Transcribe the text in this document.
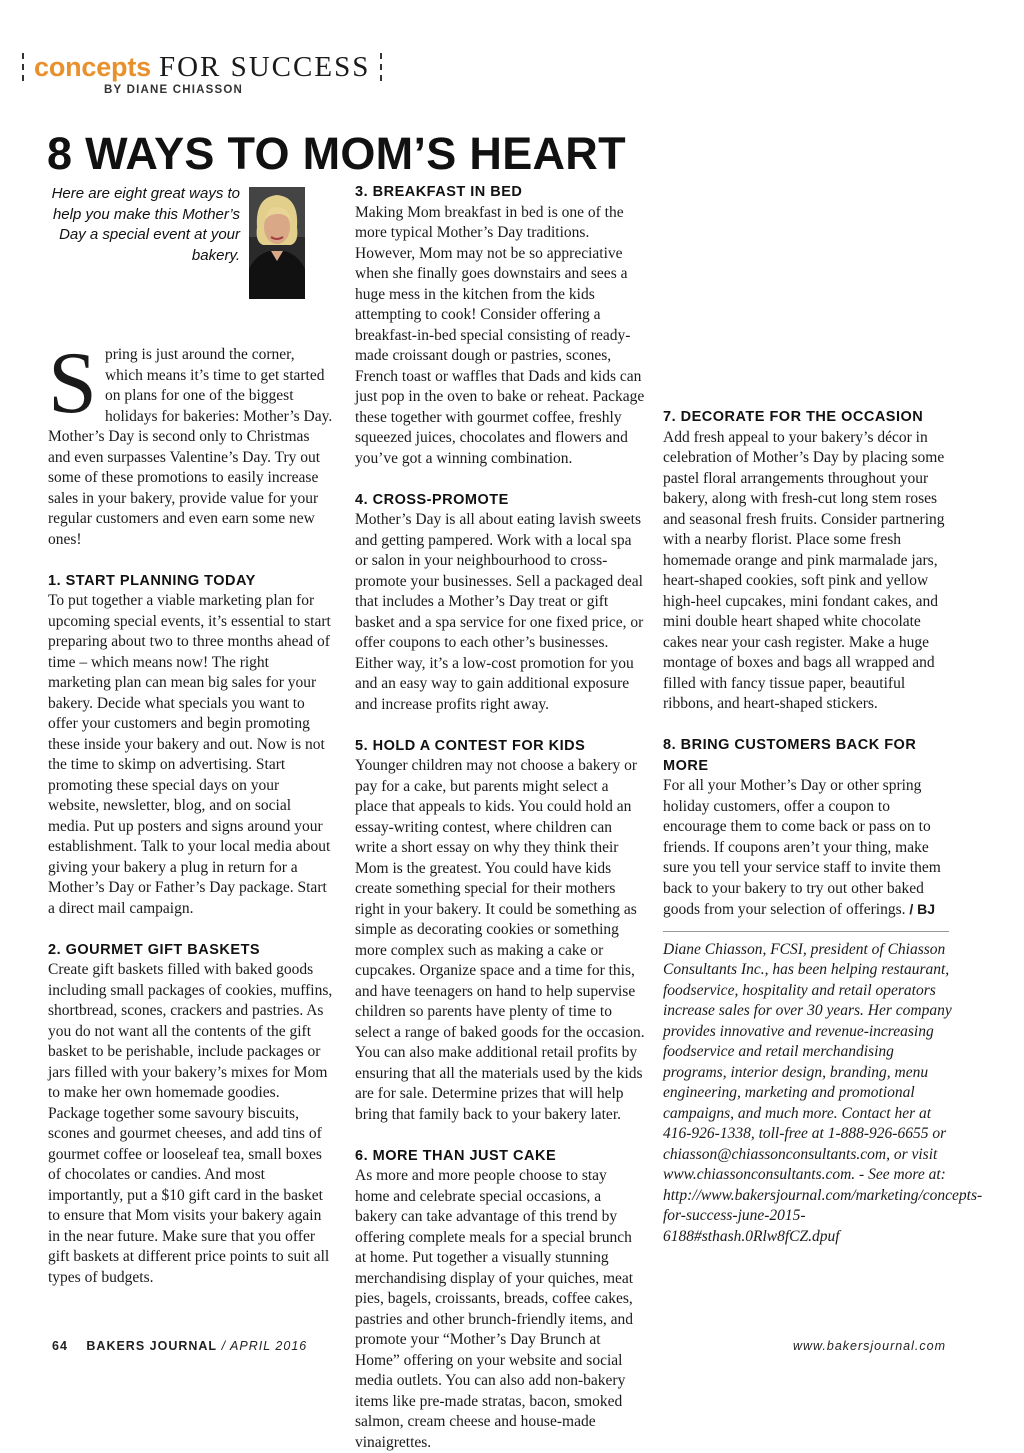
concepts FOR SUCCESS
BY DIANE CHIASSON
8 WAYS TO MOM’S HEART
Here are eight great ways to help you make this Mother’s Day a special event at your bakery.

Spring is just around the corner, which means it’s time to get started on plans for one of the biggest holidays for bakeries: Mother’s Day. Mother’s Day is second only to Christmas and even surpasses Valentine’s Day. Try out some of these promotions to easily increase sales in your bakery, provide value for your regular customers and even earn some new ones!

1. START PLANNING TODAY

To put together a viable marketing plan for upcoming special events, it’s essential to start preparing about two to three months ahead of time – which means now! The right marketing plan can mean big sales for your bakery. Decide what specials you want to offer your customers and begin promoting these inside your bakery and out. Now is not the time to skimp on advertising. Start promoting these special days on your website, newsletter, blog, and on social media. Put up posters and signs around your establishment. Talk to your local media about giving your bakery a plug in return for a Mother’s Day or Father’s Day package. Start a direct mail campaign.

2. GOURMET GIFT BASKETS

Create gift baskets filled with baked goods including small packages of cookies, muffins, shortbread, scones, crackers and pastries. As you do not want all the contents of the gift basket to be perishable, include packages or jars filled with your bakery’s mixes for Mom to make her own homemade goodies. Package together some savoury biscuits, scones and gourmet cheeses, and add tins of gourmet coffee or looseleaf tea, small boxes of chocolates or candies. And most importantly, put a $10 gift card in the basket to ensure that Mom visits your bakery again in the near future. Make sure that you offer gift baskets at different price points to suit all types of budgets.

3. BREAKFAST IN BED

Making Mom breakfast in bed is one of the more typical Mother’s Day traditions. However, Mom may not be so appreciative when she finally goes downstairs and sees a huge mess in the kitchen from the kids attempting to cook! Consider offering a breakfast-in-bed special consisting of ready-made croissant dough or pastries, scones, French toast or waffles that Dads and kids can just pop in the oven to bake or reheat. Package these together with gourmet coffee, freshly squeezed juices, chocolates and flowers and you’ve got a winning combination.

4. CROSS-PROMOTE

Mother’s Day is all about eating lavish sweets and getting pampered. Work with a local spa or salon in your neighbourhood to cross-promote your businesses. Sell a packaged deal that includes a Mother’s Day treat or gift basket and a spa service for one fixed price, or offer coupons to each other’s businesses. Either way, it’s a low-cost promotion for you and an easy way to gain additional exposure and increase profits right away.

5. HOLD A CONTEST FOR KIDS

Younger children may not choose a bakery or pay for a cake, but parents might select a place that appeals to kids. You could hold an essay-writing contest, where children can write a short essay on why they think their Mom is the greatest. You could have kids create something special for their mothers right in your bakery. It could be something as simple as decorating cookies or something more complex such as making a cake or cupcakes. Organize space and a time for this, and have teenagers on hand to help supervise children so parents have plenty of time to select a range of baked goods for the occasion. You can also make additional retail profits by ensuring that all the materials used by the kids are for sale. Determine prizes that will help bring that family back to your bakery later.

6. MORE THAN JUST CAKE

As more and more people choose to stay home and celebrate special occasions, a bakery can take advantage of this trend by offering complete meals for a special brunch at home. Put together a visually stunning merchandising display of your quiches, meat pies, bagels, croissants, breads, coffee cakes, pastries and other brunch-friendly items, and promote your “Mother’s Day Brunch at Home” offering on your website and social media outlets. You can also add non-bakery items like pre-made stratas, bacon, smoked salmon, cream cheese and house-made vinaigrettes.

7. DECORATE FOR THE OCCASION

Add fresh appeal to your bakery’s décor in celebration of Mother’s Day by placing some pastel floral arrangements throughout your bakery, along with fresh-cut long stem roses and seasonal fresh fruits. Consider partnering with a nearby florist. Place some fresh homemade orange and pink marmalade jars, heart-shaped cookies, soft pink and yellow high-heel cupcakes, mini fondant cakes, and mini double heart shaped white chocolate cakes near your cash register. Make a huge montage of boxes and bags all wrapped and filled with fancy tissue paper, beautiful ribbons, and heart-shaped stickers.

8. BRING CUSTOMERS BACK FOR MORE

For all your Mother’s Day or other spring holiday customers, offer a coupon to encourage them to come back or pass on to friends. If coupons aren’t your thing, make sure you tell your service staff to invite them back to your bakery to try out other baked goods from your selection of offerings. / BJ

Diane Chiasson, FCSI, president of Chiasson Consultants Inc., has been helping restaurant, foodservice, hospitality and retail operators increase sales for over 30 years. Her company provides innovative and revenue-increasing foodservice and retail merchandising programs, interior design, branding, menu engineering, marketing and promotional campaigns, and much more. Contact her at 416-926-1338, toll-free at 1-888-926-6655 or chiasson@chiassonconsultants.com, or visit www.chiassonconsultants.com. - See more at: http://www.bakersjournal.com/marketing/concepts-for-success-june-2015-6188#sthash.0Rlw8fCZ.dpuf

64 BAKERS JOURNAL / APRIL 2016	www.bakersjournal.com
